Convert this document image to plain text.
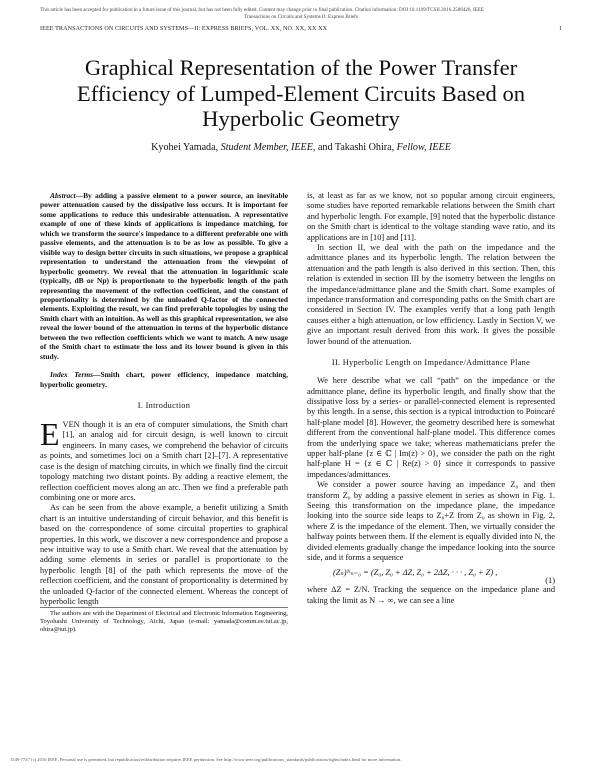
This article has been accepted for publication in a future issue of this journal, but has not been fully edited. Content may change prior to final publication. Citation information: DOI 10.1109/TCSII.2016.2586426, IEEE
Transactions on Circuits and Systems II: Express Briefs
IEEE TRANSACTIONS ON CIRCUITS AND SYSTEMS—II: EXPRESS BRIEFS, VOL. XX, NO. XX, XX XX	1
Graphical Representation of the Power Transfer
Efficiency of Lumped-Element Circuits Based on
Hyperbolic Geometry
Kyohei Yamada, Student Member, IEEE, and Takashi Ohira, Fellow, IEEE

Abstract—By adding a passive element to a power source, an inevitable power attenuation caused by the dissipative loss occurs. It is important for some applications to reduce this undesirable attenuation. A representative example of one of these kinds of applications is impedance matching, for which we transform the source's impedance to a different preferable one with passive elements, and the attenuation is to be as low as possible. To give a visible way to design better circuits in such situations, we propose a graphical representation to understand the attenuation from the viewpoint of hyperbolic geometry. We reveal that the attenuation in logarithmic scale (typically, dB or Np) is proportionate to the hyperbolic length of the path representing the movement of the reflection coefficient, and the constant of proportionality is determined by the unloaded Q-factor of the connected elements. Exploiting the result, we can find preferable topologies by using the Smith chart with an intuition. As well as this graphical representation, we also reveal the lower bound of the attenuation in terms of the hyperbolic distance between the two reflection coefficients which we want to match. A new usage of the Smith chart to estimate the loss and its lower bound is given in this study.

Index Terms—Smith chart, power efficiency, impedance matching, hyperbolic geometry.

I. Introduction

EVEN though it is an era of computer simulations, the Smith chart [1], an analog aid for circuit design, is well known to circuit engineers. In many cases, we comprehend the behavior of circuits as points, and sometimes loci on a Smith chart [2]–[7]. A representative case is the design of matching circuits, in which we finally find the circuit topology matching two distant points. By adding a reactive element, the reflection coefficient moves along an arc. Then we find a preferable path combining one or more arcs.

As can be seen from the above example, a benefit utilizing a Smith chart is an intuitive understanding of circuit behavior, and this benefit is based on the correspondence of some circuital properties to graphical properties. In this work, we discover a new correspondence and propose a new intuitive way to use a Smith chart. We reveal that the attenuation by adding some elements in series or parallel is proportionate to the hyperbolic length [8] of the path which represents the move of the reflection coefficient, and the constant of proportionality is determined by the unloaded Q-factor of the connected element. Whereas the concept of hyperbolic length

The authors are with the Department of Electrical and Electronic Information Engineering, Toyohashi University of Technology, Aichi, Japan (e-mail: yamada@comm.ee.tut.ac.jp, ohira@tut.jp).

is, at least as far as we know, not so popular among circuit engineers, some studies have reported remarkable relations between the Smith chart and hyperbolic length. For example, [9] noted that the hyperbolic distance on the Smith chart is identical to the voltage standing wave ratio, and its applications are in [10] and [11].

In section II, we deal with the path on the impedance and the admittance planes and its hyperbolic length. The relation between the attenuation and the path length is also derived in this section. Then, this relation is extended in section III by the isometry between the lengths on the impedance/admittance plane and the Smith chart. Some examples of impedance transformation and corresponding paths on the Smith chart are considered in Section IV. The examples verify that a long path length causes either a high attenuation, or low efficiency. Lastly in Section V, we give an important result derived from this work. It gives the possible lower bound of the attenuation.

II. Hyperbolic Length on Impedance/Admittance Plane

We here describe what we call “path” on the impedance or the admittance plane, define its hyperbolic length, and finally show that the dissipative loss by a series- or parallel-connected element is represented by this length. In a sense, this section is a typical introduction to Poincaré half-plane model [8]. However, the geometry described here is somewhat different from the conventional half-plane model. This difference comes from the underlying space we take; whereas mathematicians prefer the upper half-plane {z ∈ ℂ | Im(z) > 0}, we consider the path on the right half-plane H = {z ∈ ℂ | Re(z) > 0} since it corresponds to passive impedances/admittances.

We consider a power source having an impedance Z₀ and then transform Z₀ by adding a passive element in series as shown in Fig. 1. Seeing this transformation on the impedance plane, the impedance looking into the source side leaps to Z₀+Z from Z₀ as shown in Fig. 2, where Z is the impedance of the element. Then, we virtually consider the halfway points between them. If the element is equally divided into N, the divided elements gradually change the impedance looking into the source side, and it forms a sequence

(Zₙ)ᴺₙ₌₀ = (Z₀, Z₀ + ΔZ, Z₀ + 2ΔZ, · · · , Z₀ + Z) ,
(1)

where ΔZ = Z/N. Tracking the sequence on the impedance plane and taking the limit as N → ∞, we can see a line

1549-7747 (c) 2016 IEEE. Personal use is permitted, but republication/redistribution requires IEEE permission. See http://www.ieee.org/publications_standards/publications/rights/index.html for more information.
